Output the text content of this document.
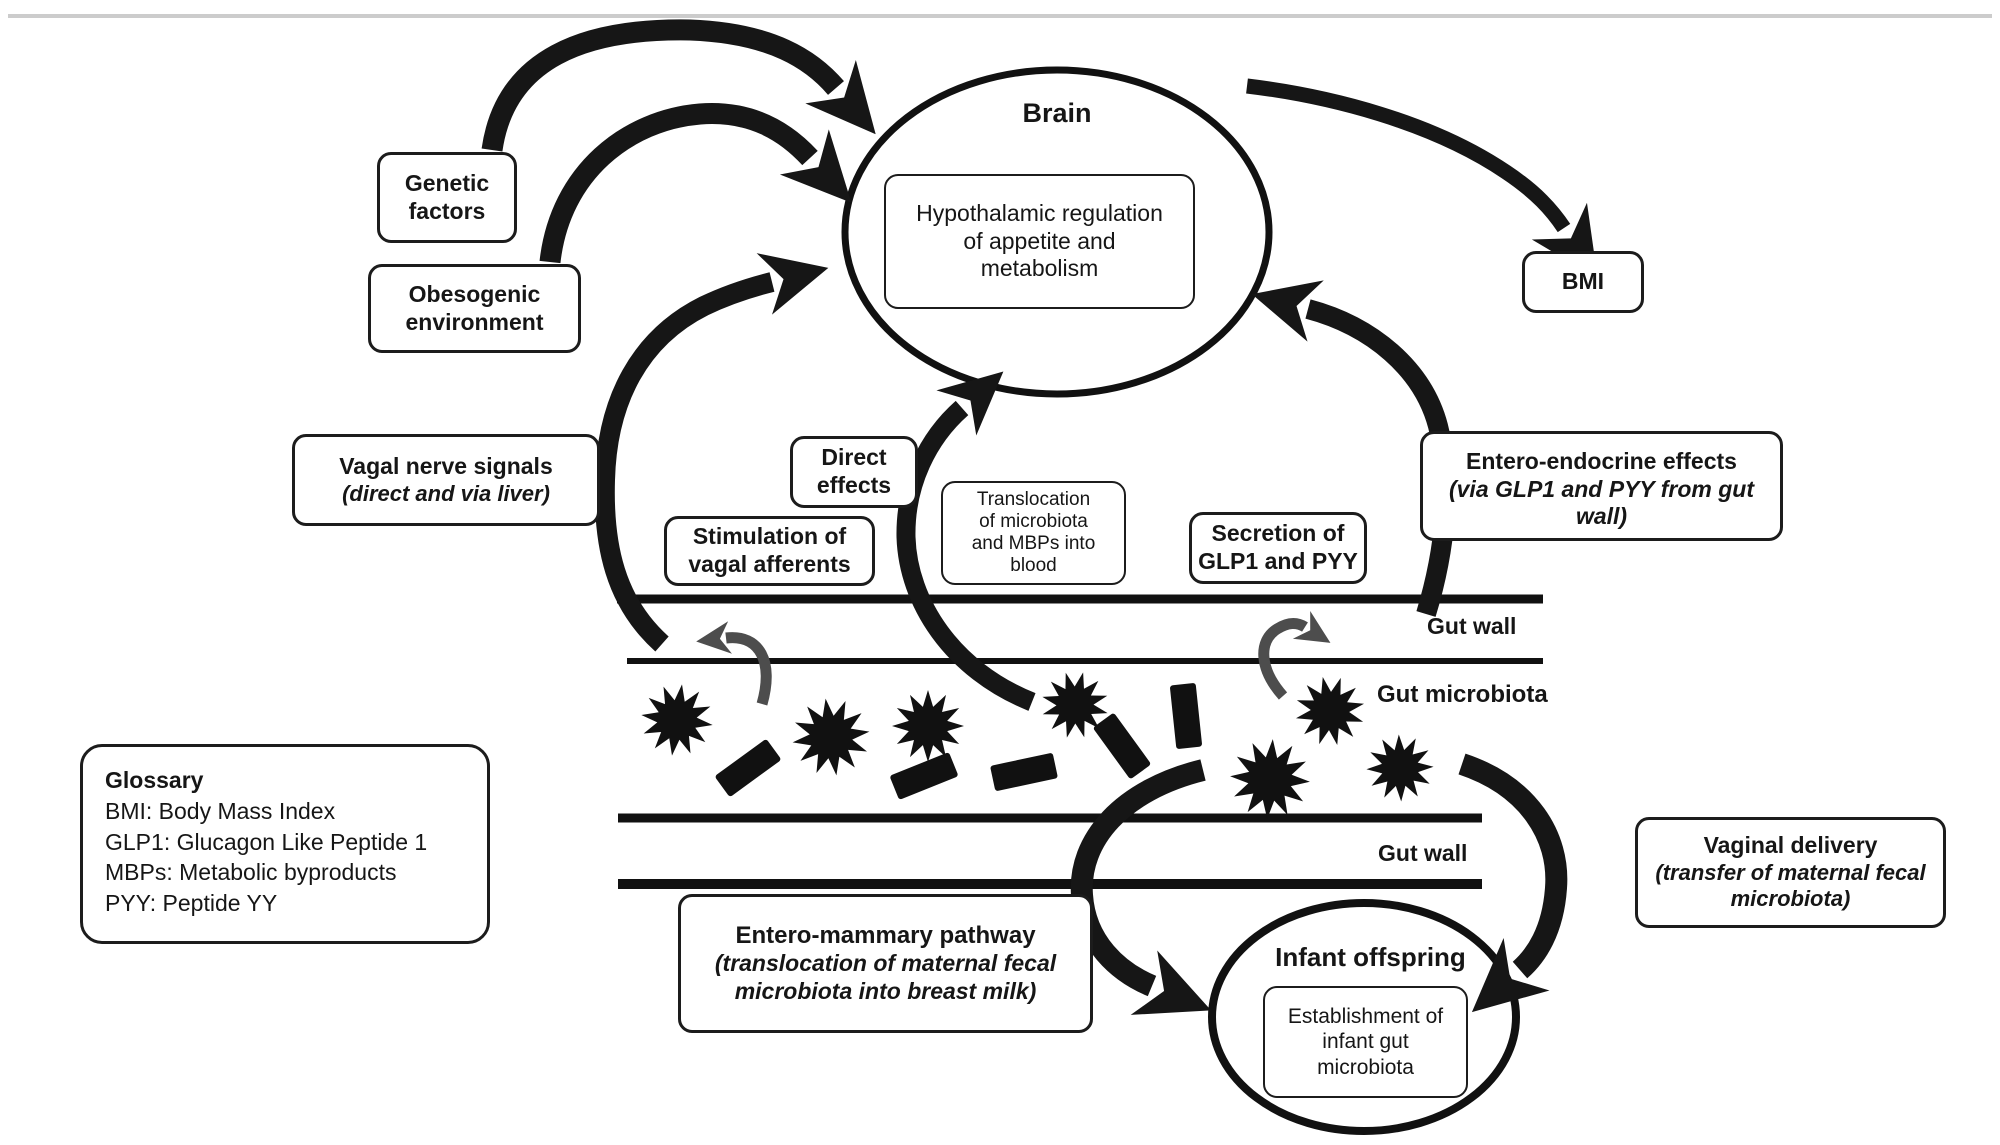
Brain
Infant offspring
Gut wall
Gut microbiota
Gut wall
Genetic factors
Obesogenic environment
BMI
Hypothalamic regulation of appetite and metabolism
Vagal nerve signals
(direct and via liver)
Direct effects
Stimulation of vagal afferents
Translocation of microbiota and MBPs into blood
Secretion of GLP1 and PYY
Entero-endocrine effects (via GLP1 and PYY from gut wall)
Glossary
BMI: Body Mass Index
GLP1: Glucagon Like Peptide 1
MBPs: Metabolic byproducts
PYY: Peptide YY
Entero-mammary pathway
(translocation of maternal fecal microbiota into breast milk)
Vaginal delivery
(transfer of maternal fecal microbiota)
Establishment of infant gut microbiota
